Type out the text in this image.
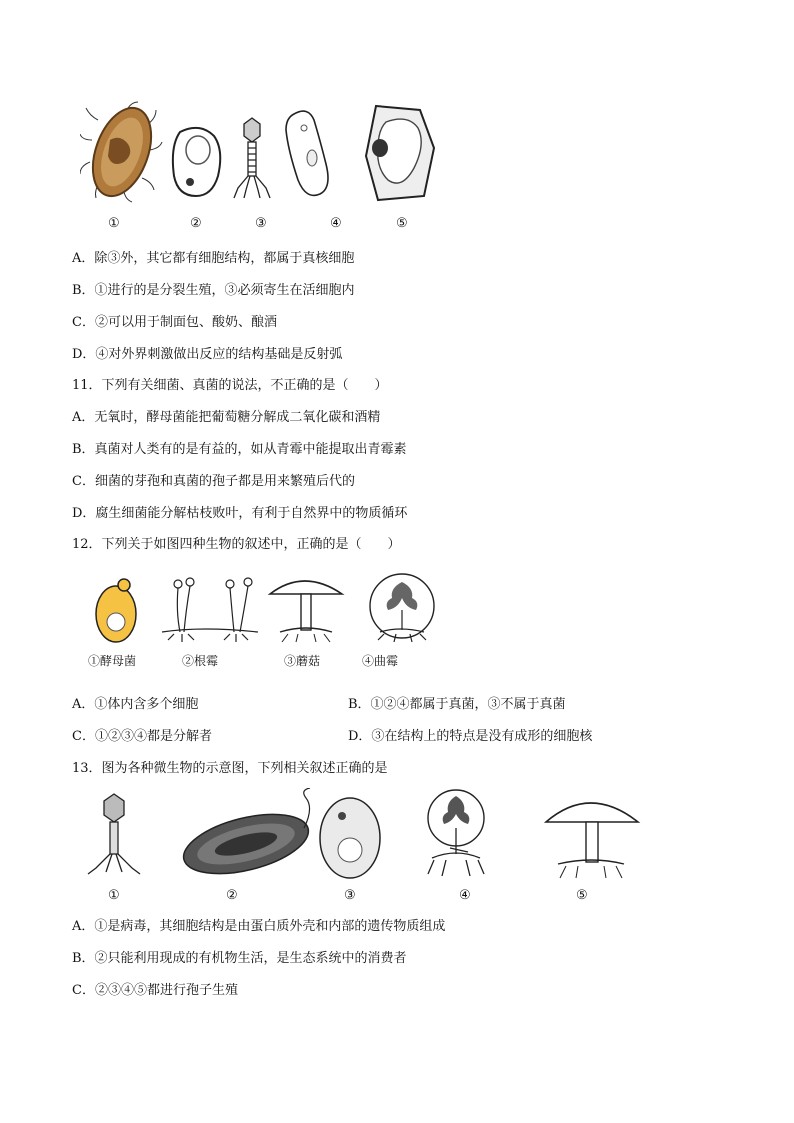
①	②	③	④	⑤
A．除③外，其它都有细胞结构，都属于真核细胞
B．①进行的是分裂生殖，③必须寄生在活细胞内
C．②可以用于制面包、酸奶、酿酒
D．④对外界刺激做出反应的结构基础是反射弧
11．下列有关细菌、真菌的说法，不正确的是（　　）
A．无氧时，酵母菌能把葡萄糖分解成二氧化碳和酒精
B．真菌对人类有的是有益的，如从青霉中能提取出青霉素
C．细菌的芽孢和真菌的孢子都是用来繁殖后代的
D．腐生细菌能分解枯枝败叶，有利于自然界中的物质循环
12．下列关于如图四种生物的叙述中，正确的是（　　）
①酵母菌	②根霉	③蘑菇	④曲霉
A．①体内含多个细胞	B．①②④都属于真菌，③不属于真菌
C．①②③④都是分解者	D．③在结构上的特点是没有成形的细胞核
13．图为各种微生物的示意图，下列相关叙述正确的是
①	②	③	④	⑤
A．①是病毒，其细胞结构是由蛋白质外壳和内部的遗传物质组成
B．②只能利用现成的有机物生活，是生态系统中的消费者
C．②③④⑤都进行孢子生殖
